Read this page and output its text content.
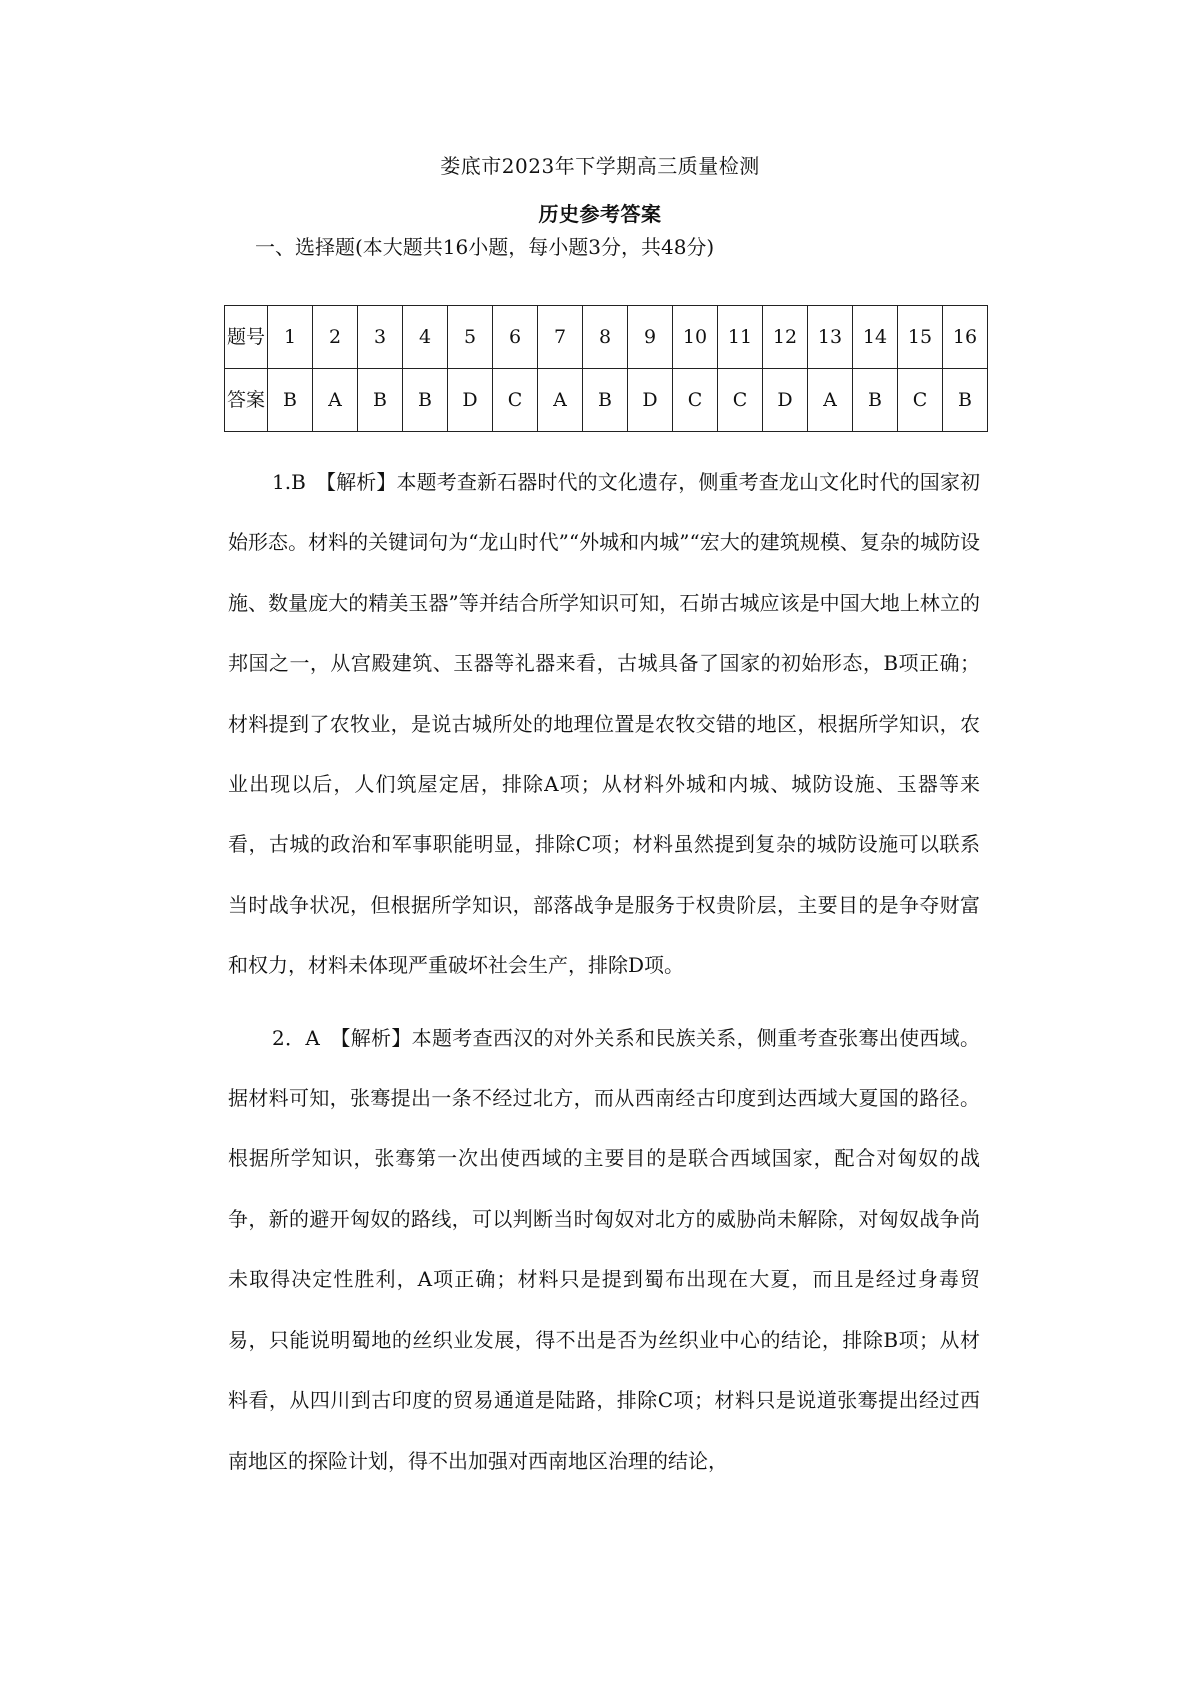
娄底市2023年下学期高三质量检测
历史参考答案
一、选择题(本大题共16小题，每小题3分，共48分)
题号	1	2	3	4	5	6	7	8	9	10	11	12	13	14	15	16
答案	B	A	B	B	D	C	A	B	D	C	C	D	A	B	C	B

1.B　【解析】本题考查新石器时代的文化遗存，侧重考查龙山文化时代的国家初始形态。材料的关键词句为“龙山时代”“外城和内城”“宏大的建筑规模、复杂的城防设施、数量庞大的精美玉器”等并结合所学知识可知，石峁古城应该是中国大地上林立的邦国之一，从宫殿建筑、玉器等礼器来看，古城具备了国家的初始形态，B项正确；材料提到了农牧业，是说古城所处的地理位置是农牧交错的地区，根据所学知识，农业出现以后，人们筑屋定居，排除A项；从材料外城和内城、城防设施、玉器等来看，古城的政治和军事职能明显，排除C项；材料虽然提到复杂的城防设施可以联系当时战争状况，但根据所学知识，部落战争是服务于权贵阶层，主要目的是争夺财富和权力，材料未体现严重破坏社会生产，排除D项。

2．A　【解析】本题考查西汉的对外关系和民族关系，侧重考查张骞出使西域。据材料可知，张骞提出一条不经过北方，而从西南经古印度到达西域大夏国的路径。根据所学知识，张骞第一次出使西域的主要目的是联合西域国家，配合对匈奴的战争，新的避开匈奴的路线，可以判断当时匈奴对北方的威胁尚未解除，对匈奴战争尚未取得决定性胜利，A项正确；材料只是提到蜀布出现在大夏，而且是经过身毒贸易，只能说明蜀地的丝织业发展，得不出是否为丝织业中心的结论，排除B项；从材料看，从四川到古印度的贸易通道是陆路，排除C项；材料只是说道张骞提出经过西南地区的探险计划，得不出加强对西南地区治理的结论，
